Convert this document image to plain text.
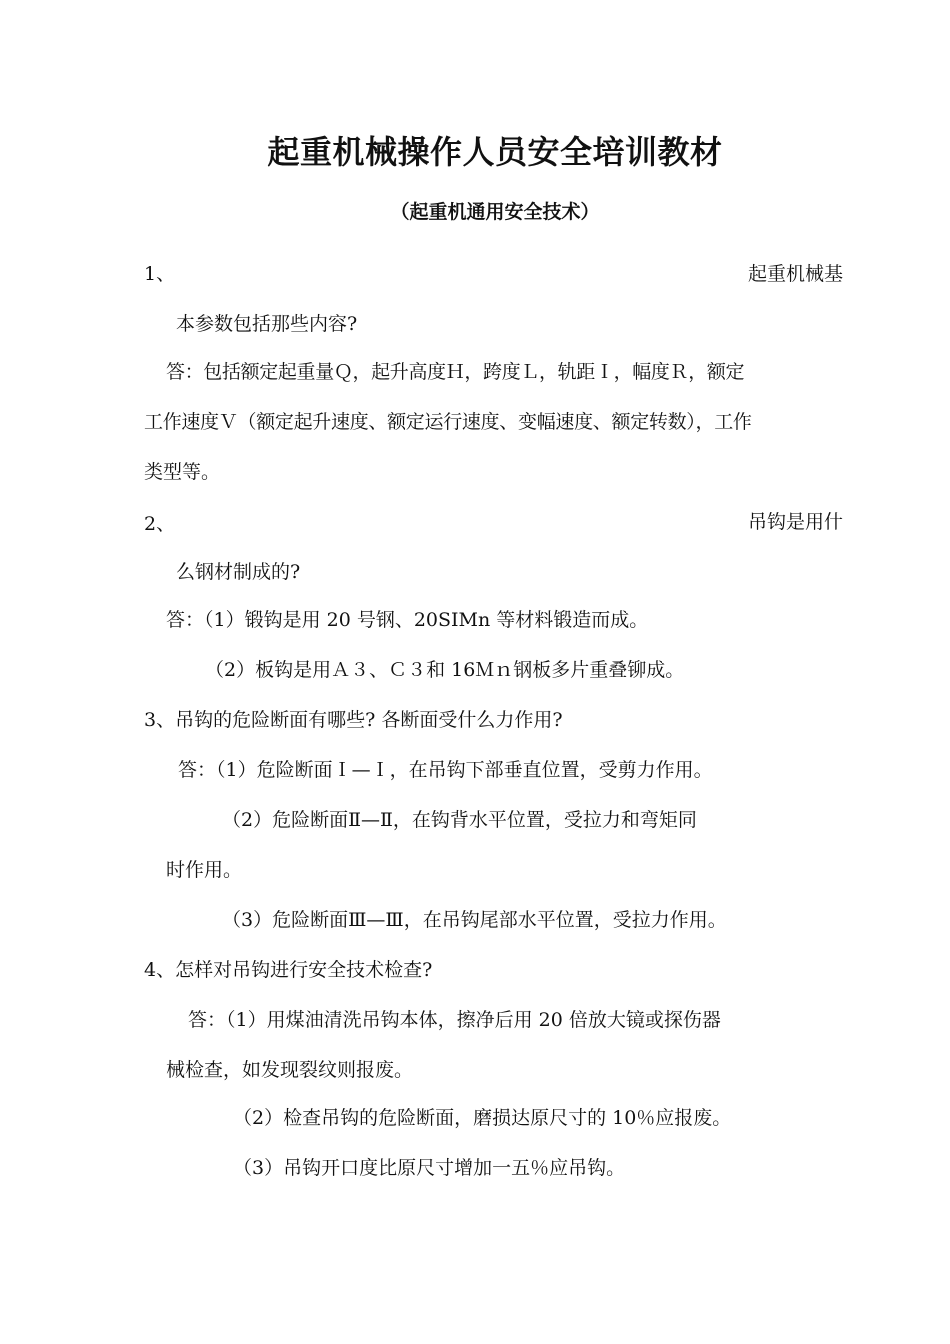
起重机械操作人员安全培训教材
（起重机通用安全技术）
1、	起重机械基
本参数包括那些内容?
答：包括额定起重量Ｑ，起升高度Ｈ，跨度Ｌ，轨距Ｉ，幅度Ｒ，额定
工作速度Ｖ（额定起升速度、额定运行速度、变幅速度、额定转数），工作
类型等。
2、	吊钩是用什
么钢材制成的?
答：（1）锻钩是用 20 号钢、20SIMn 等材料锻造而成。
（2）板钩是用Ａ３、Ｃ３和 16Ｍｎ钢板多片重叠铆成。
3、吊钩的危险断面有哪些? 各断面受什么力作用?
答：（1）危险断面Ｉ—Ｉ，在吊钩下部垂直位置，受剪力作用。
（2）危险断面Ⅱ—Ⅱ，在钩背水平位置，受拉力和弯矩同
时作用。
（3）危险断面Ⅲ—Ⅲ，在吊钩尾部水平位置，受拉力作用。
4、怎样对吊钩进行安全技术检查?
答：（1）用煤油清洗吊钩本体，擦净后用 20 倍放大镜或探伤器
械检查，如发现裂纹则报废。
（2）检查吊钩的危险断面，磨损达原尺寸的 10％应报废。
（3）吊钩开口度比原尺寸增加一五％应吊钩。
